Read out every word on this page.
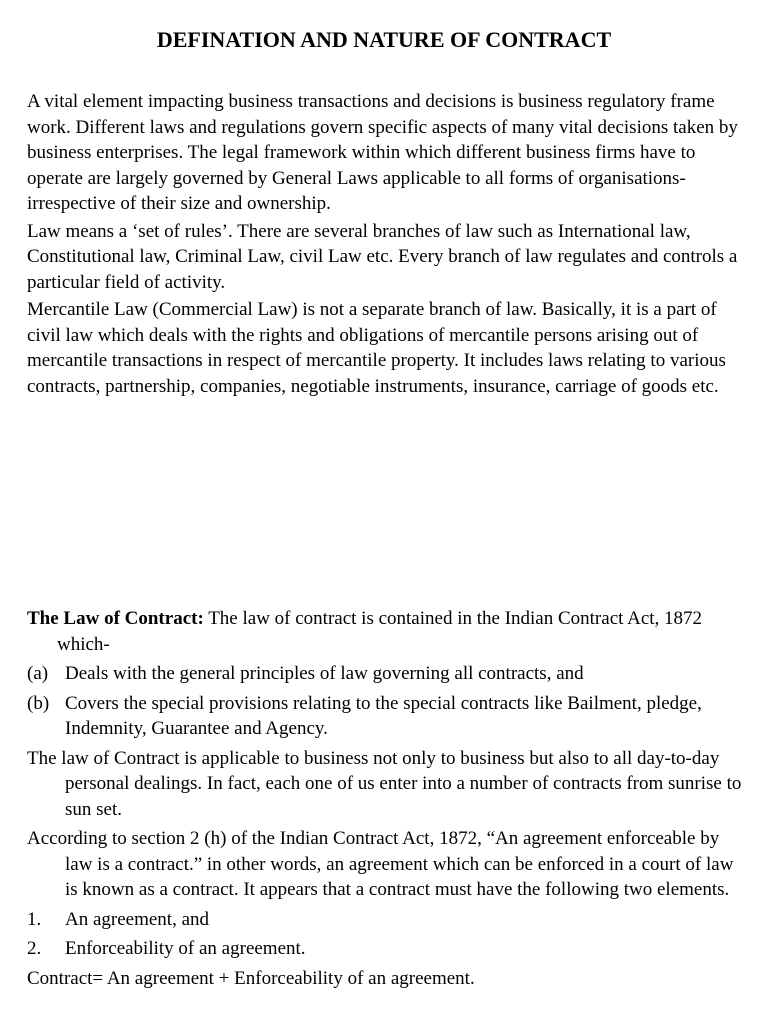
DEFINATION AND NATURE OF CONTRACT

A vital element impacting business transactions and decisions is business regulatory frame work. Different laws and regulations govern specific aspects of many vital decisions taken by business enterprises. The legal framework within which different business firms have to operate are largely governed by General Laws applicable to all forms of organisations- irrespective of their size and ownership.

Law means a ‘set of rules’. There are several branches of law such as International law, Constitutional law, Criminal Law, civil Law etc. Every branch of law regulates and controls a particular field of activity.

Mercantile Law (Commercial Law) is not a separate branch of law. Basically, it is a part of civil law which deals with the rights and obligations of mercantile persons arising out of mercantile transactions in respect of mercantile property. It includes laws relating to various contracts, partnership, companies, negotiable instruments, insurance, carriage of goods etc.

The Law of Contract: The law of contract is contained in the Indian Contract Act, 1872 which-

(a) Deals with the general principles of law governing all contracts, and
(b) Covers the special provisions relating to the special contracts like Bailment, pledge, Indemnity, Guarantee and Agency.

The law of Contract is applicable to business not only to business but also to all day-to-day personal dealings. In fact, each one of us enter into a number of contracts from sunrise to sun set.

According to section 2 (h) of the Indian Contract Act, 1872, “An agreement enforceable by law is a contract.” in other words, an agreement which can be enforced in a court of law is known as a contract. It appears that a contract must have the following two elements.

1.	An agreement, and
2.	Enforceability of an agreement.

Contract= An agreement + Enforceability of an agreement.
